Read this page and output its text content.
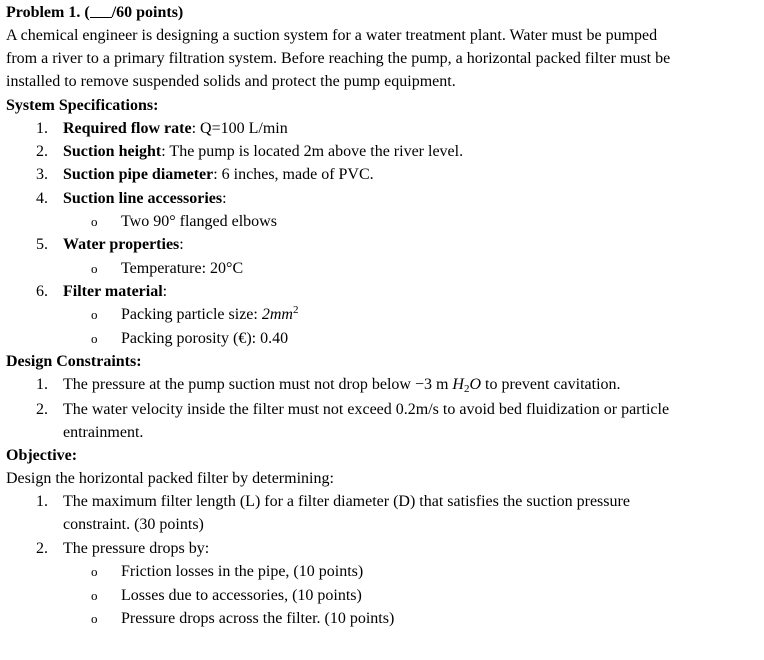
Problem 1. ( /60 points)
A chemical engineer is designing a suction system for a water treatment plant. Water must be pumped
from a river to a primary filtration system. Before reaching the pump, a horizontal packed filter must be
installed to remove suspended solids and protect the pump equipment.
System Specifications:
1. Required flow rate: Q=100 L/min
2. Suction height: The pump is located 2m above the river level.
3. Suction pipe diameter: 6 inches, made of PVC.
4. Suction line accessories:
o Two 90° flanged elbows
5. Water properties:
o Temperature: 20°C
6. Filter material:
o Packing particle size: $2mm^2$
o Packing porosity (€): 0.40
Design Constraints:
1. The pressure at the pump suction must not drop below −3 m $H_2O$ to prevent cavitation.
2. The water velocity inside the filter must not exceed 0.2m/s to avoid bed fluidization or particle
entrainment.
Objective:
Design the horizontal packed filter by determining:
1. The maximum filter length (L) for a filter diameter (D) that satisfies the suction pressure
constraint. (30 points)
2. The pressure drops by:
o Friction losses in the pipe, (10 points)
o Losses due to accessories, (10 points)
o Pressure drops across the filter. (10 points)
